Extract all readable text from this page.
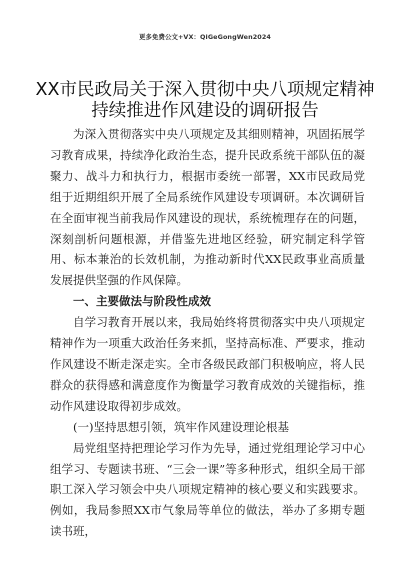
更多免费公文+VX：QiGeGongWen2024
XX市民政局关于深入贯彻中央八项规定精神
持续推进作风建设的调研报告

为深入贯彻落实中央八项规定及其细则精神，巩固拓展学习教育成果，持续净化政治生态，提升民政系统干部队伍的凝聚力、战斗力和执行力，根据市委统一部署，XX市民政局党组于近期组织开展了全局系统作风建设专项调研。本次调研旨在全面审视当前我局作风建设的现状，系统梳理存在的问题，深刻剖析问题根源，并借鉴先进地区经验，研究制定科学管用、标本兼治的长效机制，为推动新时代XX民政事业高质量发展提供坚强的作风保障。

一、主要做法与阶段性成效

自学习教育开展以来，我局始终将贯彻落实中央八项规定精神作为一项重大政治任务来抓，坚持高标准、严要求，推动作风建设不断走深走实。全市各级民政部门积极响应，将人民群众的获得感和满意度作为衡量学习教育成效的关键指标，推动作风建设取得初步成效。

(一)坚持思想引领，筑牢作风建设理论根基

局党组坚持把理论学习作为先导，通过党组理论学习中心组学习、专题读书班、“三会一课”等多种形式，组织全局干部职工深入学习领会中央八项规定精神的核心要义和实践要求。例如，我局参照XX市气象局等单位的做法，举办了多期专题读书班，
